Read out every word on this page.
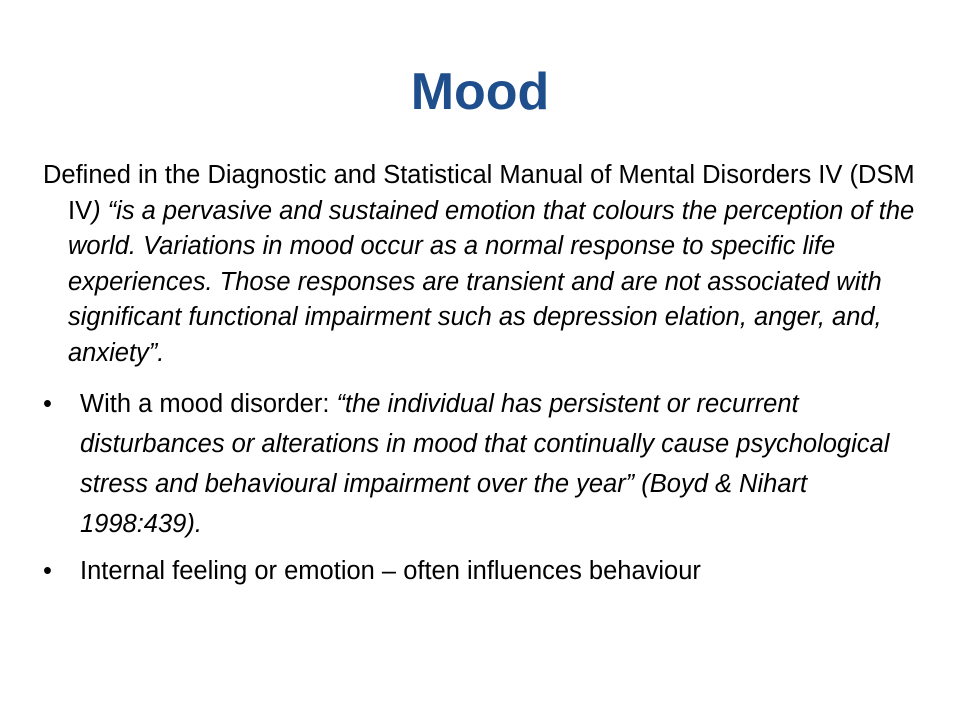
Mood

Defined in the Diagnostic and Statistical Manual of Mental Disorders IV (DSM IV) “is a pervasive and sustained emotion that colours the perception of the world. Variations in mood occur as a normal response to specific life experiences. Those responses are transient and are not associated with significant functional impairment such as depression elation, anger, and, anxiety”.

• With a mood disorder: “the individual has persistent or recurrent disturbances or alterations in mood that continually cause psychological stress and behavioural impairment over the year” (Boyd & Nihart 1998:439).
• Internal feeling or emotion – often influences behaviour
